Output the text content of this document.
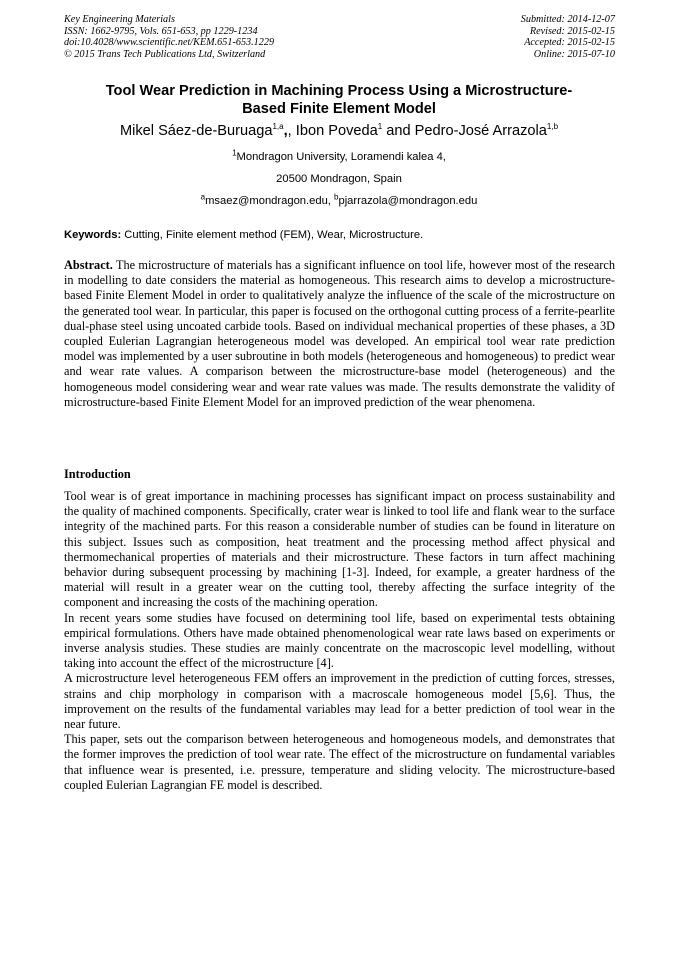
Key Engineering Materials
ISSN: 1662-9795, Vols. 651-653, pp 1229-1234
doi:10.4028/www.scientific.net/KEM.651-653.1229
© 2015 Trans Tech Publications Ltd, Switzerland
Submitted: 2014-12-07
Revised: 2015-02-15
Accepted: 2015-02-15
Online: 2015-07-10
Tool Wear Prediction in Machining Process Using a Microstructure-
Based Finite Element Model
Mikel Sáez-de-Buruaga$^{1,a}$,, Ibon Poveda$^1$ and Pedro-José Arrazola$^{1,b}$
$^1$Mondragon University, Loramendi kalea 4,
20500 Mondragon, Spain
$^a$msaez@mondragon.edu, $^b$pjarrazola@mondragon.edu
Keywords: Cutting, Finite element method (FEM), Wear, Microstructure.

Abstract. The microstructure of materials has a significant influence on tool life, however most of the research in modelling to date considers the material as homogeneous. This research aims to develop a microstructure-based Finite Element Model in order to qualitatively analyze the influence of the scale of the microstructure on the generated tool wear. In particular, this paper is focused on the orthogonal cutting process of a ferrite-pearlite dual-phase steel using uncoated carbide tools. Based on individual mechanical properties of these phases, a 3D coupled Eulerian Lagrangian heterogeneous model was developed. An empirical tool wear rate prediction model was implemented by a user subroutine in both models (heterogeneous and homogeneous) to predict wear and wear rate values. A comparison between the microstructure-base model (heterogeneous) and the homogeneous model considering wear and wear rate values was made. The results demonstrate the validity of microstructure-based Finite Element Model for an improved prediction of the wear phenomena.

Introduction

Tool wear is of great importance in machining processes has significant impact on process sustainability and the quality of machined components. Specifically, crater wear is linked to tool life and flank wear to the surface integrity of the machined parts. For this reason a considerable number of studies can be found in literature on this subject. Issues such as composition, heat treatment and the processing method affect physical and thermomechanical properties of materials and their microstructure. These factors in turn affect machining behavior during subsequent processing by machining [1-3]. Indeed, for example, a greater hardness of the material will result in a greater wear on the cutting tool, thereby affecting the surface integrity of the component and increasing the costs of the machining operation.

In recent years some studies have focused on determining tool life, based on experimental tests obtaining empirical formulations. Others have made obtained phenomenological wear rate laws based on experiments or inverse analysis studies. These studies are mainly concentrate on the macroscopic level modelling, without taking into account the effect of the microstructure [4].

A microstructure level heterogeneous FEM offers an improvement in the prediction of cutting forces, stresses, strains and chip morphology in comparison with a macroscale homogeneous model [5,6]. Thus, the improvement on the results of the fundamental variables may lead for a better prediction of tool wear in the near future.

This paper, sets out the comparison between heterogeneous and homogeneous models, and demonstrates that the former improves the prediction of tool wear rate. The effect of the microstructure on fundamental variables that influence wear is presented, i.e. pressure, temperature and sliding velocity. The microstructure-based coupled Eulerian Lagrangian FE model is described.
